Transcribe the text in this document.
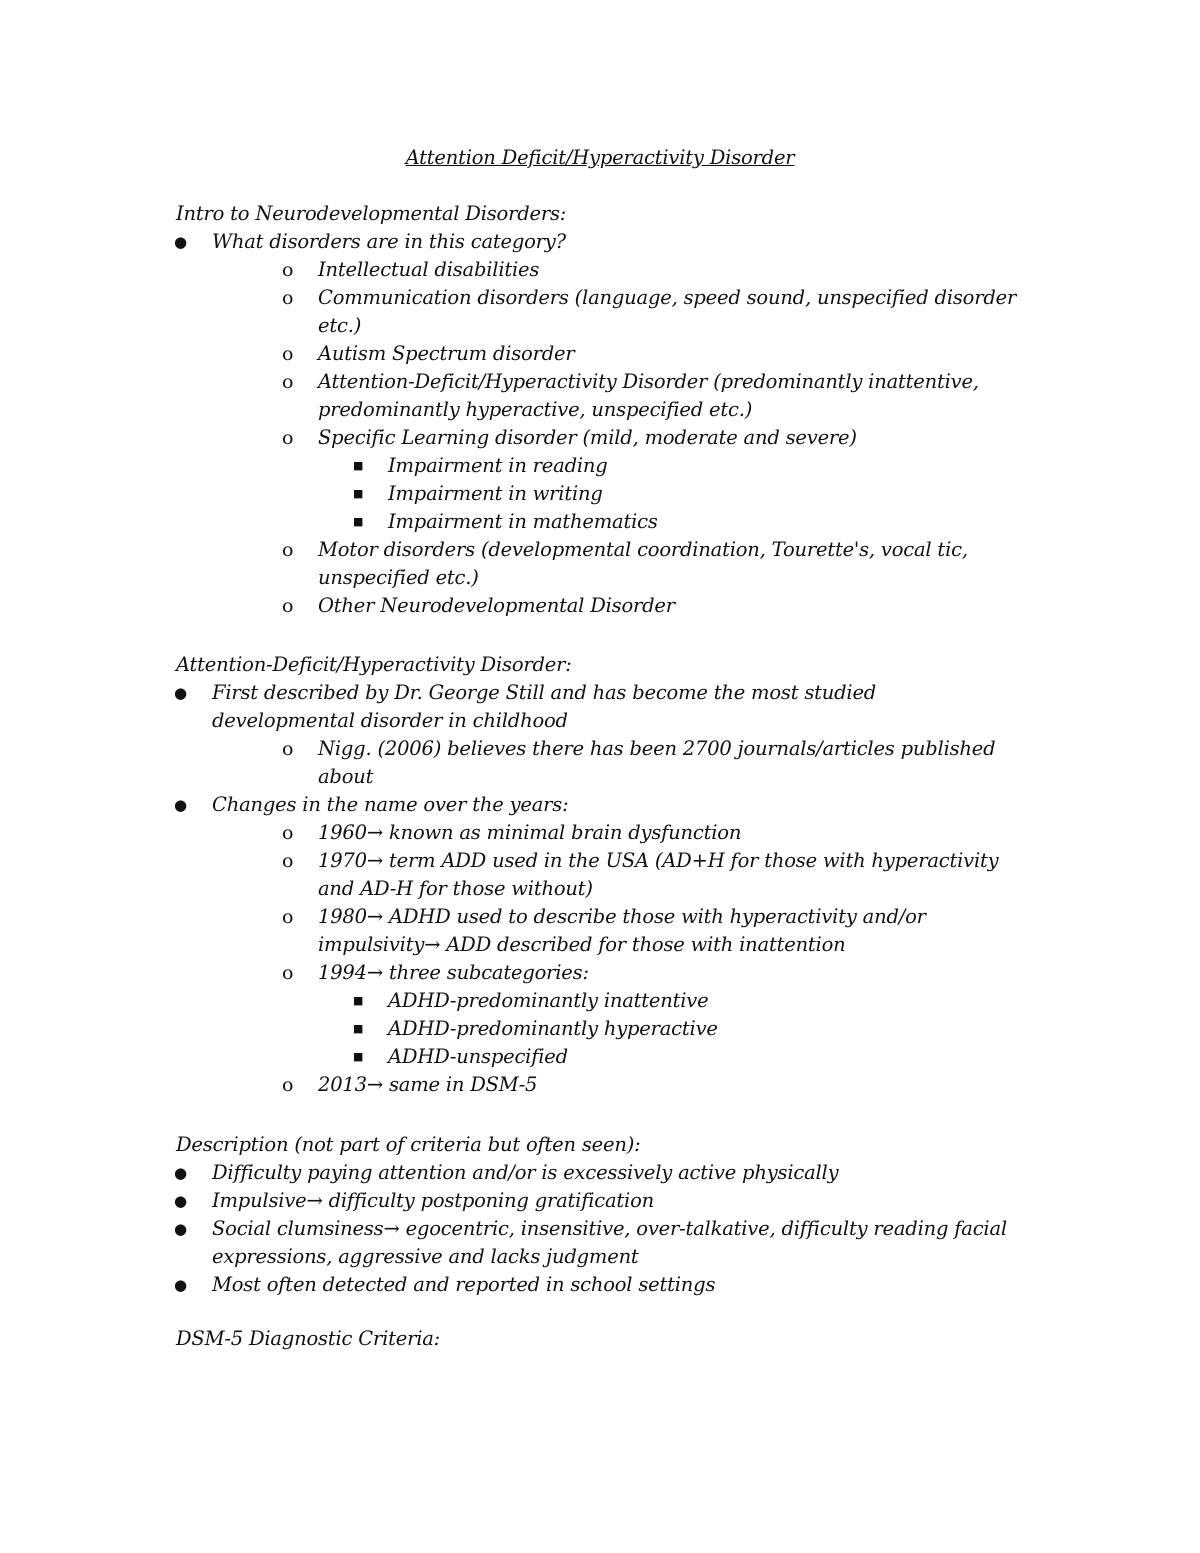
Attention Deficit/Hyperactivity Disorder
Intro to Neurodevelopmental Disorders:
● What disorders are in this category?
o Intellectual disabilities
o Communication disorders (language, speed sound, unspecified disorder etc.)
o Autism Spectrum disorder
o Attention-Deficit/Hyperactivity Disorder (predominantly inattentive, predominantly hyperactive, unspecified etc.)
o Specific Learning disorder (mild, moderate and severe)
■ Impairment in reading
■ Impairment in writing
■ Impairment in mathematics
o Motor disorders (developmental coordination, Tourette's, vocal tic, unspecified etc.)
o Other Neurodevelopmental Disorder
Attention-Deficit/Hyperactivity Disorder:
● First described by Dr. George Still and has become the most studied developmental disorder in childhood
o Nigg. (2006) believes there has been 2700 journals/articles published about
● Changes in the name over the years:
o 1960→ known as minimal brain dysfunction
o 1970→ term ADD used in the USA (AD+H for those with hyperactivity and AD-H for those without)
o 1980→ ADHD used to describe those with hyperactivity and/or impulsivity→ ADD described for those with inattention
o 1994→ three subcategories:
■ ADHD-predominantly inattentive
■ ADHD-predominantly hyperactive
■ ADHD-unspecified
o 2013→ same in DSM-5
Description (not part of criteria but often seen):
● Difficulty paying attention and/or is excessively active physically
● Impulsive→ difficulty postponing gratification
● Social clumsiness→ egocentric, insensitive, over-talkative, difficulty reading facial expressions, aggressive and lacks judgment
● Most often detected and reported in school settings
DSM-5 Diagnostic Criteria:
